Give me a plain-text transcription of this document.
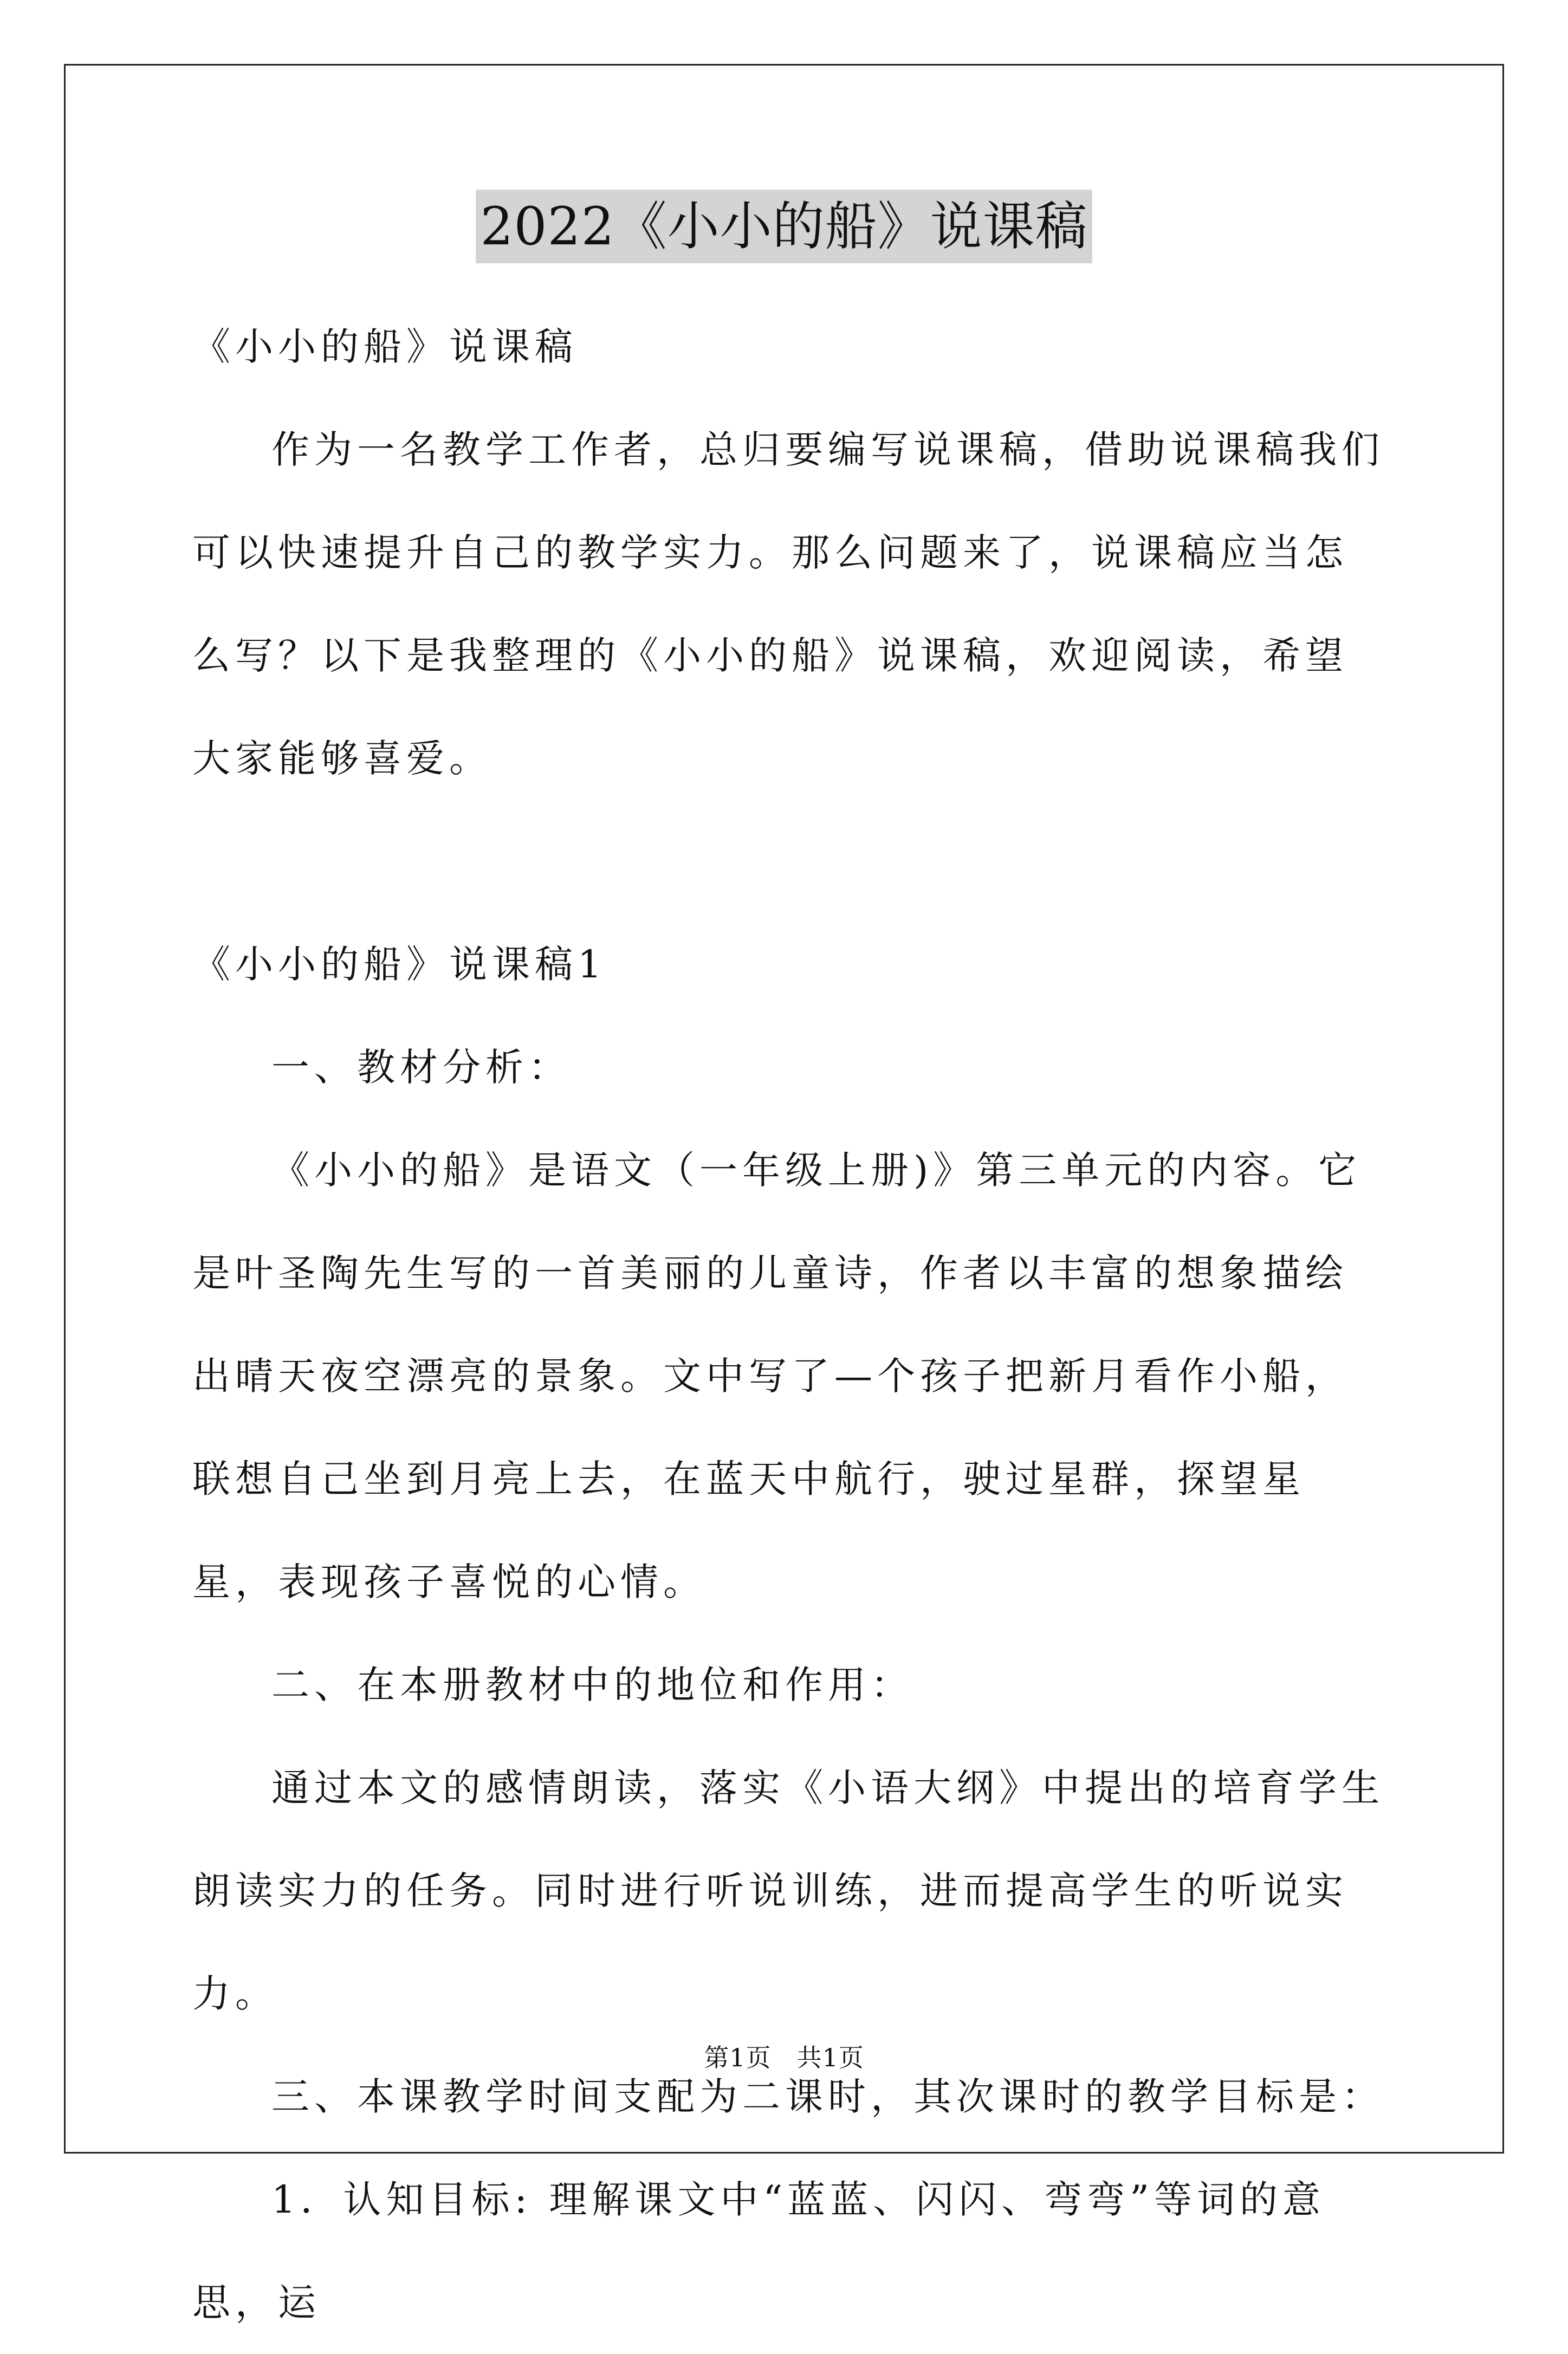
2022《小小的船》说课稿

《小小的船》说课稿

作为一名教学工作者，总归要编写说课稿，借助说课稿我们可以快速提升自己的教学实力。那么问题来了，说课稿应当怎么写？以下是我整理的《小小的船》说课稿，欢迎阅读，希望大家能够喜爱。

《小小的船》说课稿1

一、教材分析：

《小小的船》是语文（一年级上册)》第三单元的内容。它是叶圣陶先生写的一首美丽的儿童诗，作者以丰富的想象描绘出晴天夜空漂亮的景象。文中写了—个孩子把新月看作小船，联想自己坐到月亮上去，在蓝天中航行，驶过星群，探望星星，表现孩子喜悦的心情。

二、在本册教材中的地位和作用：

通过本文的感情朗读，落实《小语大纲》中提出的培育学生朗读实力的任务。同时进行听说训练，进而提高学生的听说实力。

三、本课教学时间支配为二课时，其次课时的教学目标是：

1．认知目标: 理解课文中“蓝蓝、闪闪、弯弯”等词的意思，运

第1页　共1页
